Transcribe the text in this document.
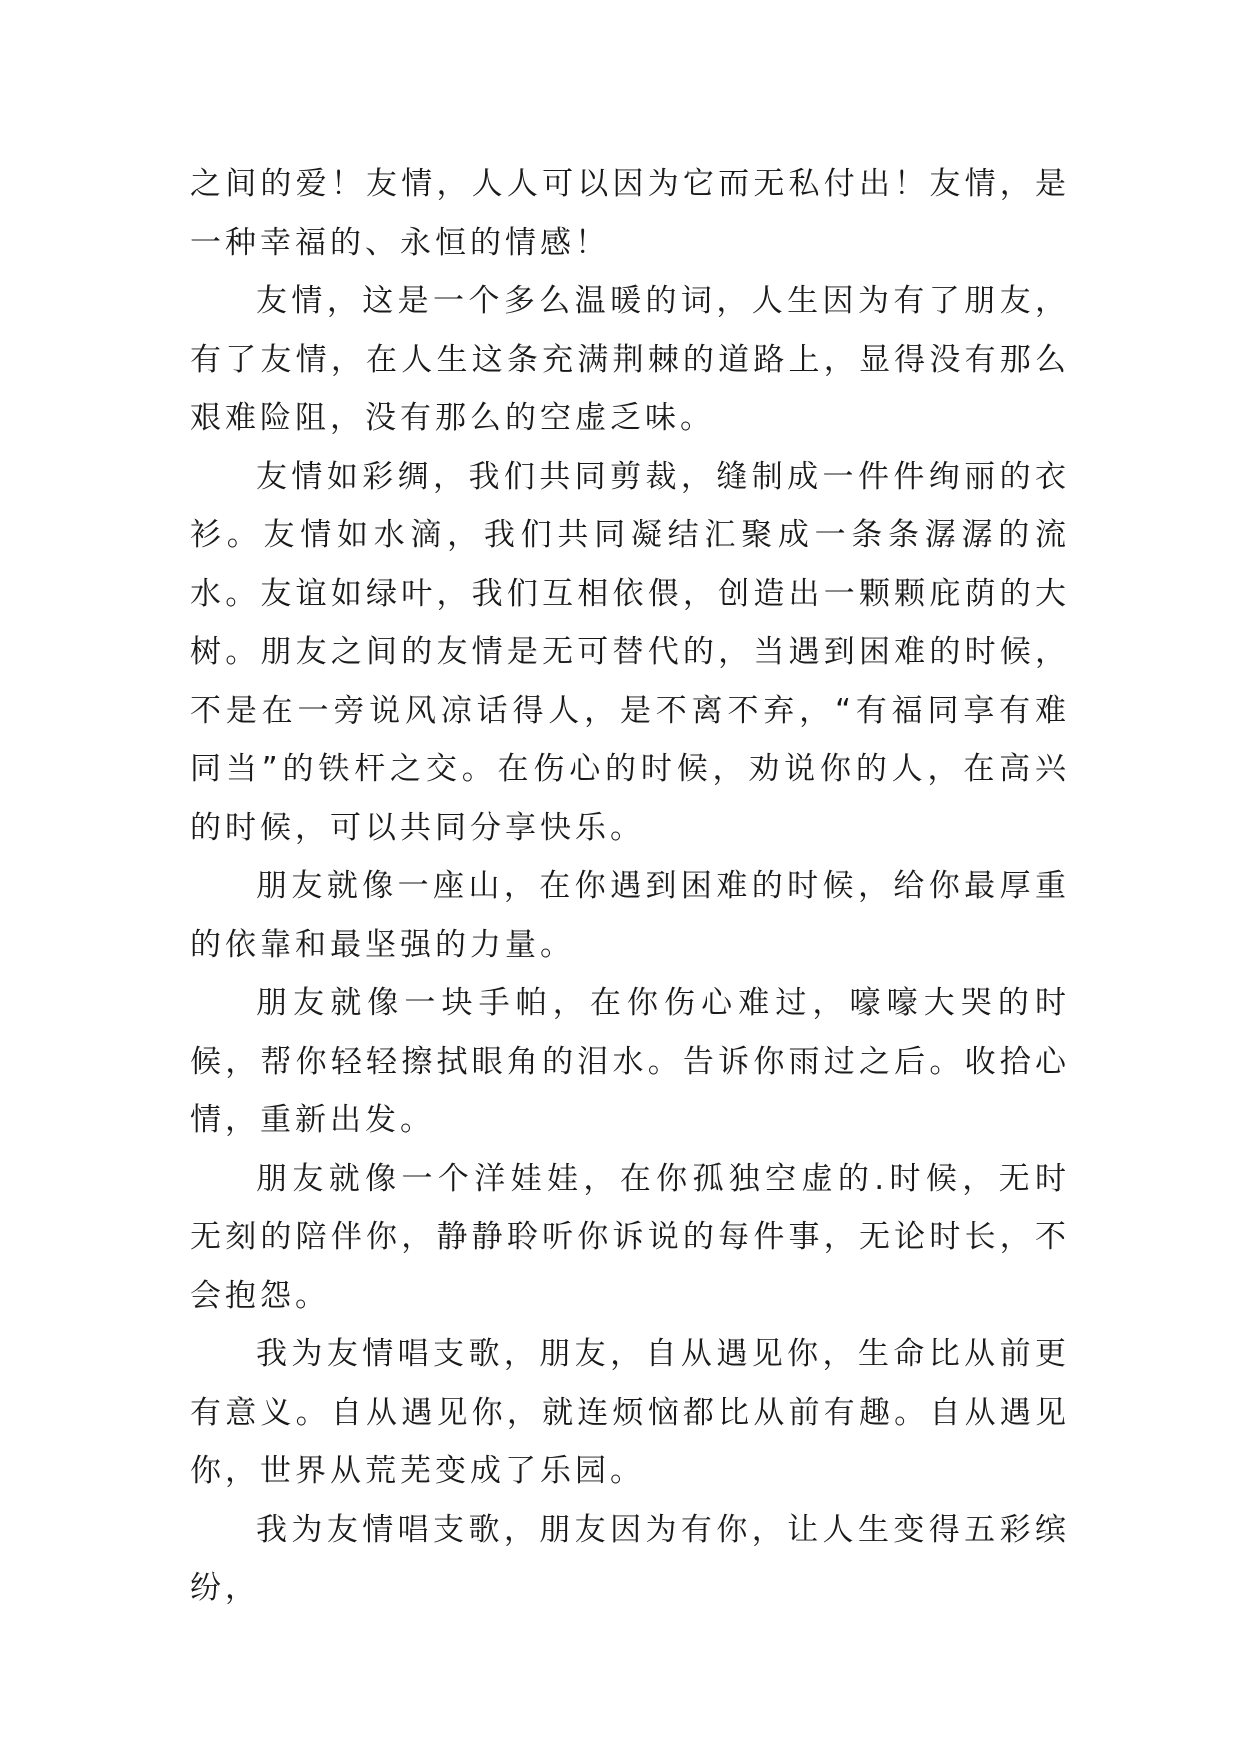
之间的爱！友情，人人可以因为它而无私付出！友情，是一种幸福的、永恒的情感！

友情，这是一个多么温暖的词，人生因为有了朋友，有了友情，在人生这条充满荆棘的道路上，显得没有那么艰难险阻，没有那么的空虚乏味。

友情如彩绸，我们共同剪裁，缝制成一件件绚丽的衣衫。友情如水滴，我们共同凝结汇聚成一条条潺潺的流水。友谊如绿叶，我们互相依偎，创造出一颗颗庇荫的大树。朋友之间的友情是无可替代的，当遇到困难的时候，不是在一旁说风凉话得人，是不离不弃，“有福同享有难同当”的铁杆之交。在伤心的时候，劝说你的人，在高兴的时候，可以共同分享快乐。

朋友就像一座山，在你遇到困难的时候，给你最厚重的依靠和最坚强的力量。

朋友就像一块手帕，在你伤心难过，嚎嚎大哭的时候，帮你轻轻擦拭眼角的泪水。告诉你雨过之后。收拾心情，重新出发。

朋友就像一个洋娃娃，在你孤独空虚的.时候，无时无刻的陪伴你，静静聆听你诉说的每件事，无论时长，不会抱怨。

我为友情唱支歌，朋友，自从遇见你，生命比从前更有意义。自从遇见你，就连烦恼都比从前有趣。自从遇见你，世界从荒芜变成了乐园。

我为友情唱支歌，朋友因为有你，让人生变得五彩缤纷，
